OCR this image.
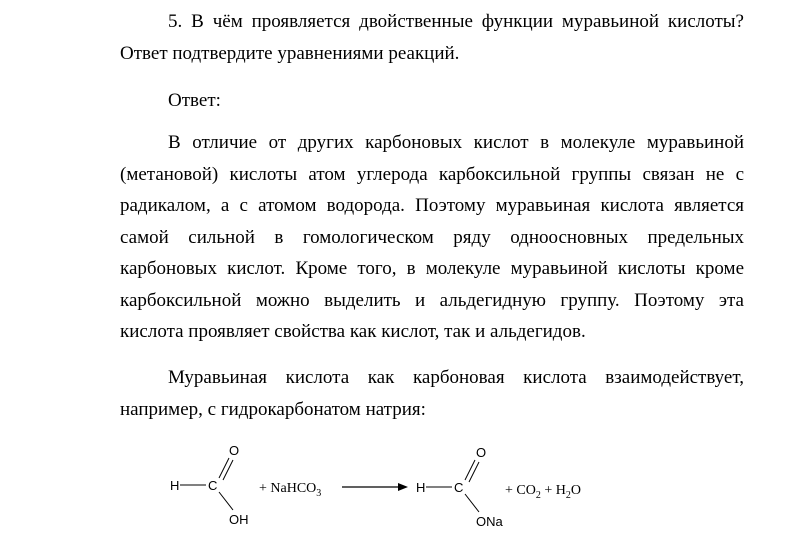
5. В чём проявляется двойственные функции муравьиной кислоты? Ответ подтвердите уравнениями реакций.

Ответ:

В отличие от других карбоновых кислот в молекуле муравьиной (метановой) кислоты атом углерода карбоксильной группы связан не с радикалом, а с атомом водорода. Поэтому муравьиная кислота является самой сильной в гомологическом ряду одноосновных предельных карбоновых кислот. Кроме того, в молекуле муравьиной кислоты кроме карбоксильной можно выделить и альдегидную группу. Поэтому эта кислота проявляет свойства как кислот, так и альдегидов.

Муравьиная кислота как карбоновая кислота взаимодействует, например, с гидрокарбонатом натрия:

H C
O
OH
+ NaHCO$_3$	H C
O
ONa
+ $CO_2 + H_2O$
